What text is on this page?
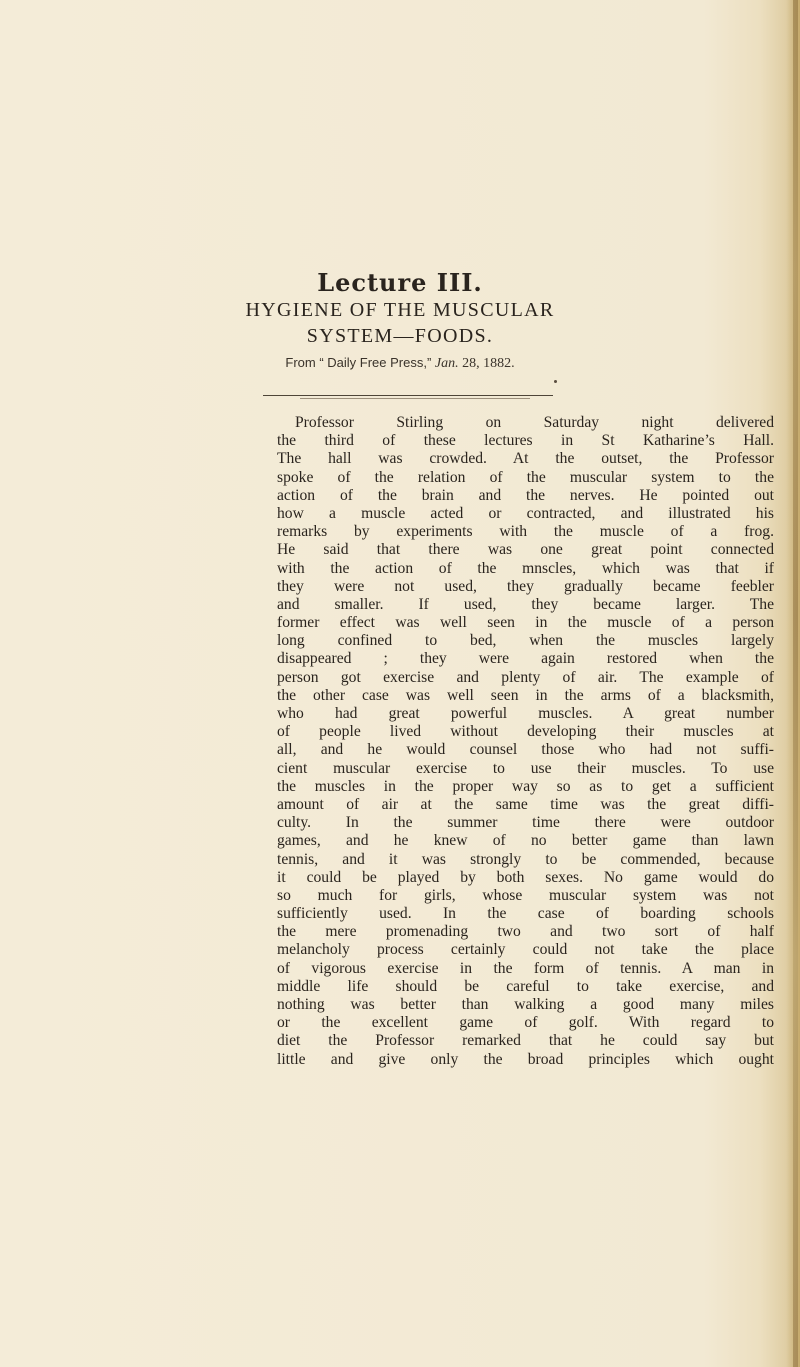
Lecture III.
HYGIENE OF THE MUSCULAR
SYSTEM—FOODS.
From “ Daily Free Press,” Jan. 28, 1882.
Professor Stirling on Saturday night delivered
the third of these lectures in St Katharine’s Hall.
The hall was crowded. At the outset, the Professor
spoke of the relation of the muscular system to the
action of the brain and the nerves. He pointed out
how a muscle acted or contracted, and illustrated his
remarks by experiments with the muscle of a frog.
He said that there was one great point connected
with the action of the mnscles, which was that if
they were not used, they gradually became feebler
and smaller. If used, they became larger. The
former effect was well seen in the muscle of a person
long confined to bed, when the muscles largely
disappeared ; they were again restored when the
person got exercise and plenty of air. The example of
the other case was well seen in the arms of a blacksmith,
who had great powerful muscles. A great number
of people lived without developing their muscles at
all, and he would counsel those who had not suffi-
cient muscular exercise to use their muscles. To use
the muscles in the proper way so as to get a sufficient
amount of air at the same time was the great diffi-
culty. In the summer time there were outdoor
games, and he knew of no better game than lawn
tennis, and it was strongly to be commended, because
it could be played by both sexes. No game would do
so much for girls, whose muscular system was not
sufficiently used. In the case of boarding schools
the mere promenading two and two sort of half
melancholy process certainly could not take the place
of vigorous exercise in the form of tennis. A man in
middle life should be careful to take exercise, and
nothing was better than walking a good many miles
or the excellent game of golf. With regard to
diet the Professor remarked that he could say but
little and give only the broad principles which ought
